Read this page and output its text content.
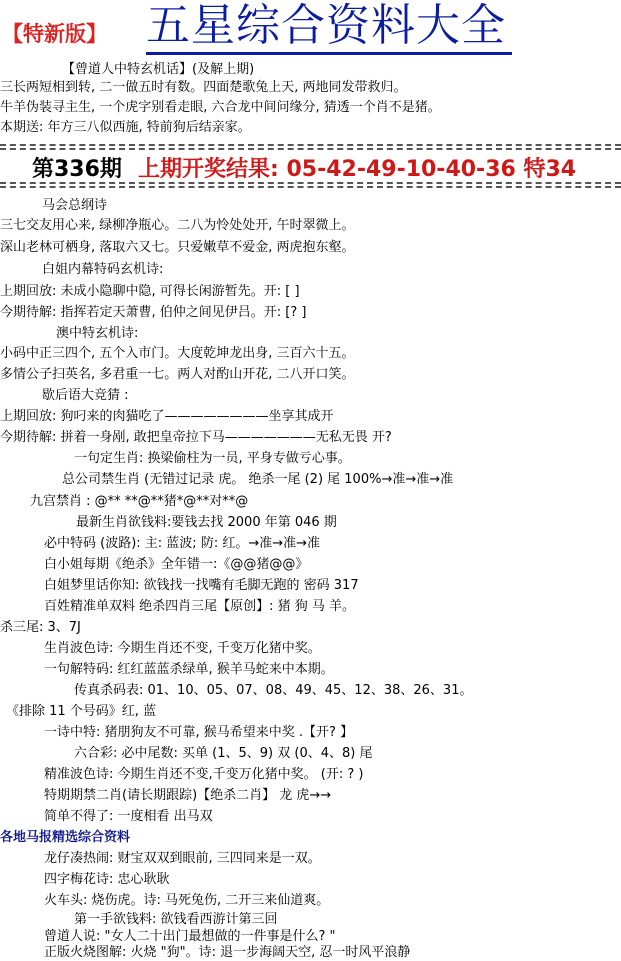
【特新版】 五星综合资料大全
【曾道人中特玄机话】(及解上期)
三长两短相到转, 二一做五时有数。四面楚歌兔上天, 两地同发带救归。
牛羊伪装寻主生, 一个虎字别看走眼, 六合龙中间问缘分, 猜透一个肖不是猪。
本期送: 年方三八似西施, 特前狗后结亲家。
第336期 上期开奖结果: 05-42-49-10-40-36 特34
马会总纲诗
三七交友用心来, 绿柳净瓶心。二八为怜处处开, 午时翠微上。
深山老林可栖身, 落取六又七。只爱嫩草不爱金, 两虎抱东壑。
白姐内幕特码玄机诗:
上期回放: 未成小隐聊中隐, 可得长闲游暂先。开: [ ]
今期待解: 指挥若定天萧曹, 伯仲之间见伊吕。开: [? ]
澳中特玄机诗:
小码中正三四个, 五个入市门。大度乾坤龙出身, 三百六十五。
多情公子扫英名, 多君重一七。两人对酌山开花, 二八开口笑。
歇后语大竞猜 :
上期回放: 狗叼来的肉猫吃了————————坐享其成开
今期待解: 拼着一身剐, 敢把皇帝拉下马———————无私无畏 开?
一句定生肖: 换梁偷柱为一员, 平身专做亏心事。
总公司禁生肖 (无错过记录 虎。 绝杀一尾 (2) 尾 100%→准→准→准
九宫禁肖 : @** **@**猪*@**对**@
最新生肖欲钱料:要钱去找 2000 年第 046 期
必中特码 (波路): 主: 蓝波; 防: 红。→准→准→准
白小姐每期《绝杀》全年错一:《@@猪@@》
白姐梦里话你知: 欲钱找一找嘴有毛脚无跑的 密码 317
百姓精准单双料 绝杀四肖三尾【原创】: 猪 狗 马 羊。
杀三尾: 3、7J
生肖波色诗: 今期生肖还不变, 千变万化猪中奖。
一句解特码: 红红蓝蓝杀绿单, 猴羊马蛇来中本期。
传真杀码表: 01、10、05、07、08、49、45、12、38、26、31。
《排除 11 个号码》红, 蓝
一诗中特: 猪朋狗友不可靠, 猴马希望来中奖 .【开? 】
六合彩: 必中尾数: 买单 (1、5、9) 双 (0、4、8) 尾
精准波色诗: 今期生肖还不变,千变万化猪中奖。 (开: ? )
特期期禁二肖(请长期跟踪)【绝杀二肖】 龙 虎→→
简单不得了: 一度相看 出马双
各地马报精选综合资料
龙仔凑热闹: 财宝双双到眼前, 三四同来是一双。
四字梅花诗: 忠心耿耿
火车头: 烧伤虎。诗: 马死兔伤, 二开三来仙道爽。
第一手欲钱料: 欲钱看西游计第三回
曾道人说: "女人二十出门最想做的一件事是什么? "
正版火烧图解: 火烧 "狗"。诗: 退一步海阔天空, 忍一时风平浪静
